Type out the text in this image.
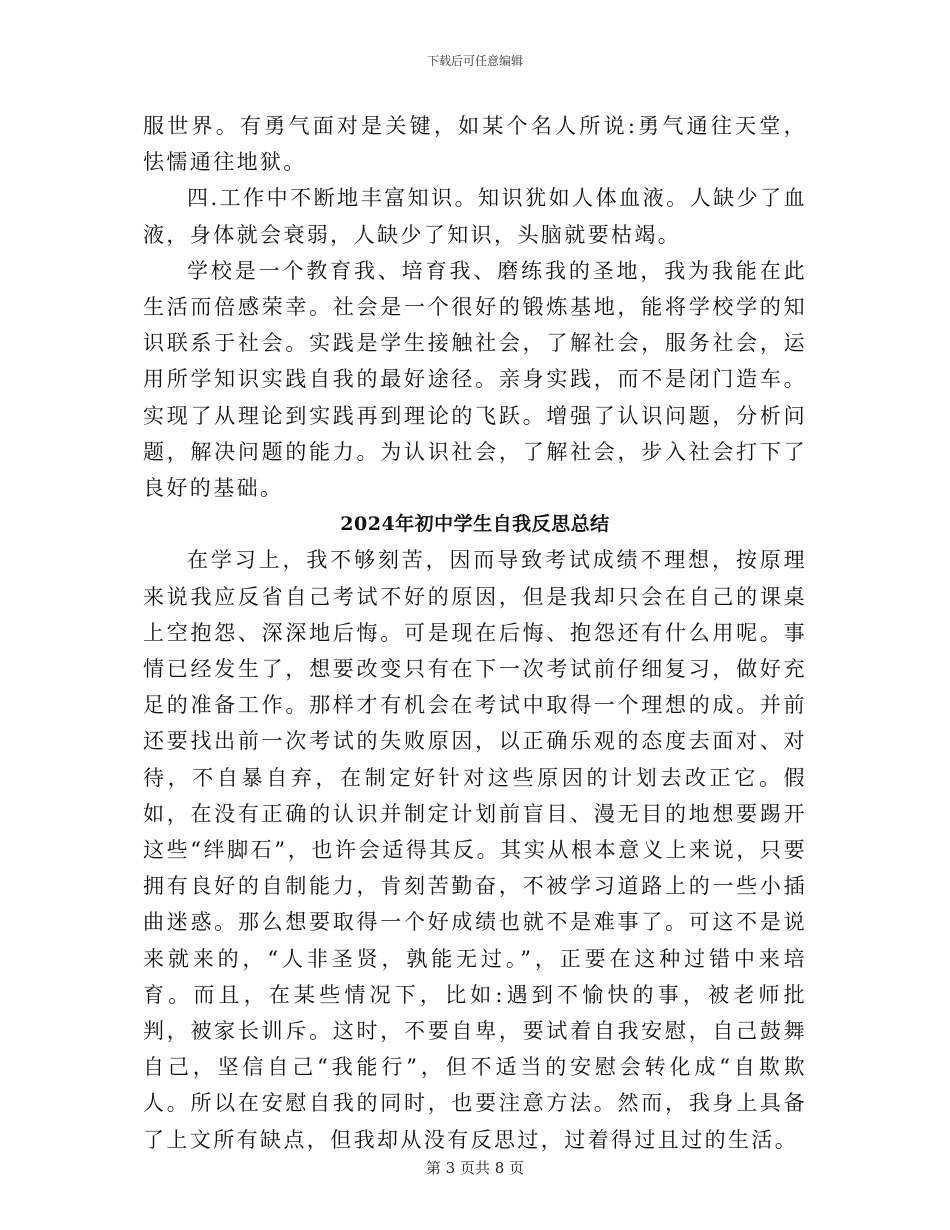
下载后可任意编辑

服世界。有勇气面对是关键，如某个名人所说:勇气通往天堂，怯懦通往地狱。

四.工作中不断地丰富知识。知识犹如人体血液。人缺少了血液，身体就会衰弱，人缺少了知识，头脑就要枯竭。

学校是一个教育我、培育我、磨练我的圣地，我为我能在此生活而倍感荣幸。社会是一个很好的锻炼基地，能将学校学的知识联系于社会。实践是学生接触社会，了解社会，服务社会，运用所学知识实践自我的最好途径。亲身实践，而不是闭门造车。实现了从理论到实践再到理论的飞跃。增强了认识问题，分析问题，解决问题的能力。为认识社会，了解社会，步入社会打下了良好的基础。

2024年初中学生自我反思总结

在学习上，我不够刻苦，因而导致考试成绩不理想，按原理来说我应反省自己考试不好的原因，但是我却只会在自己的课桌上空抱怨、深深地后悔。可是现在后悔、抱怨还有什么用呢。事情已经发生了，想要改变只有在下一次考试前仔细复习，做好充足的准备工作。那样才有机会在考试中取得一个理想的成。并前还要找出前一次考试的失败原因，以正确乐观的态度去面对、对待，不自暴自弃，在制定好针对这些原因的计划去改正它。假如，在没有正确的认识并制定计划前盲目、漫无目的地想要踢开这些“绊脚石”，也许会适得其反。其实从根本意义上来说，只要拥有良好的自制能力，肯刻苦勤奋，不被学习道路上的一些小插曲迷惑。那么想要取得一个好成绩也就不是难事了。可这不是说来就来的，“人非圣贤，孰能无过。”，正要在这种过错中来培育。而且，在某些情况下，比如:遇到不愉快的事，被老师批判，被家长训斥。这时，不要自卑，要试着自我安慰，自己鼓舞自己，坚信自己“我能行”，但不适当的安慰会转化成“自欺欺人。所以在安慰自我的同时，也要注意方法。然而，我身上具备了上文所有缺点，但我却从没有反思过，过着得过且过的生活。

第 3 页共 8 页
